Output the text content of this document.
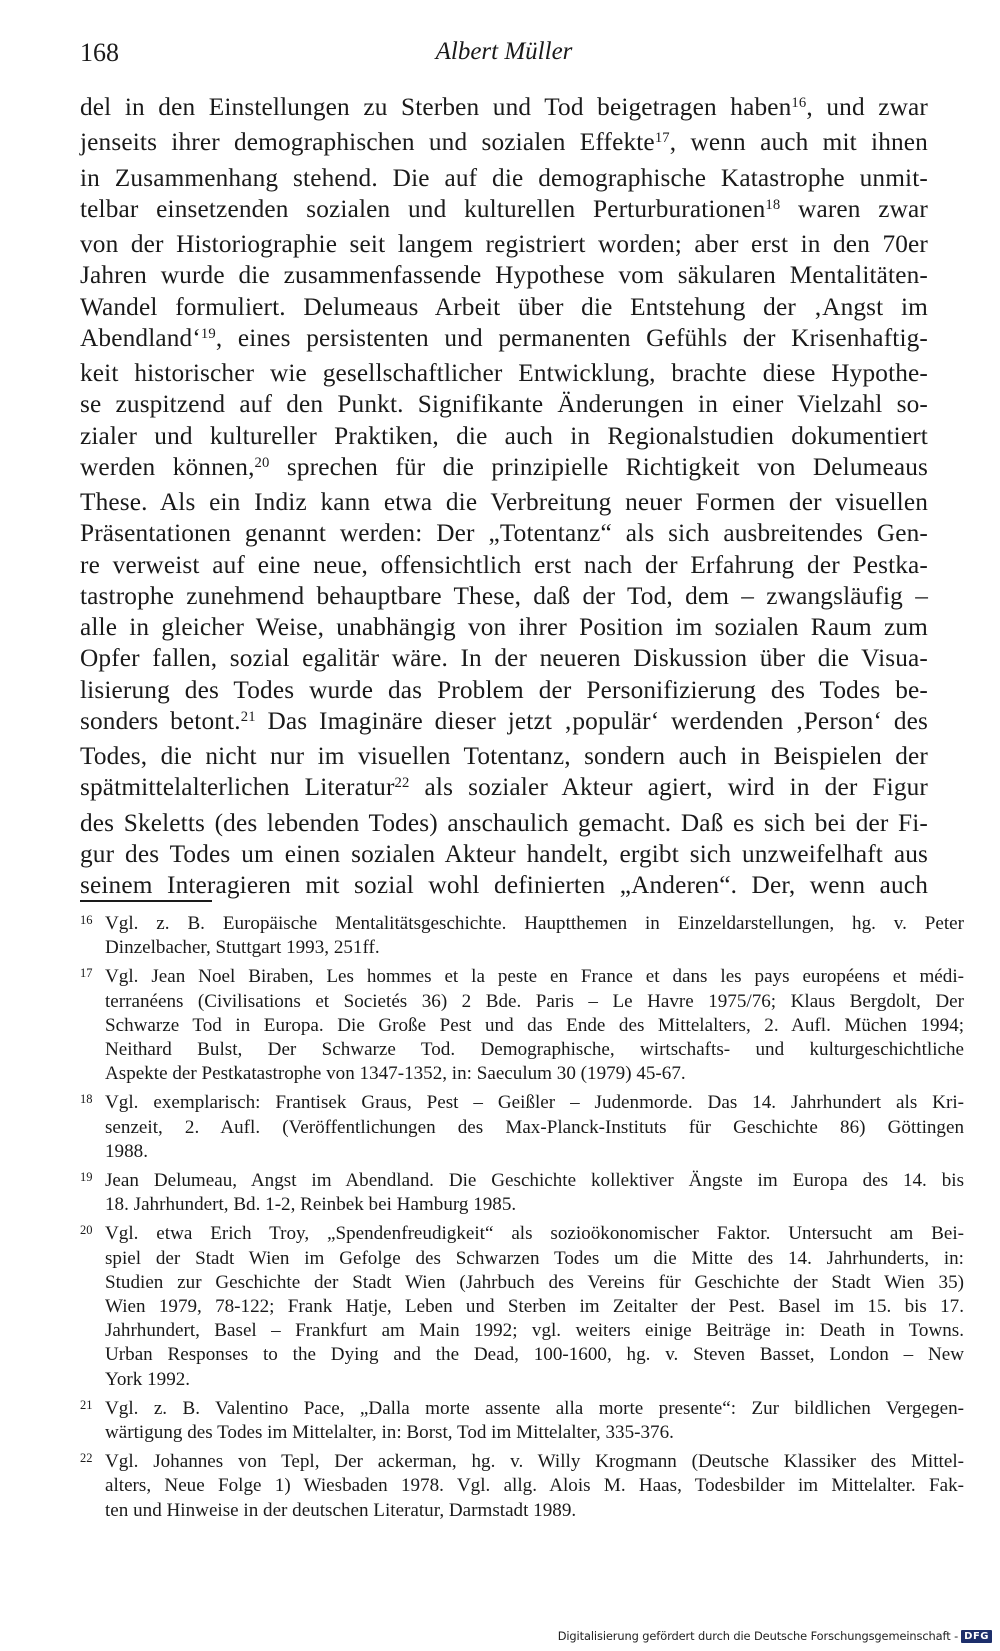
168	Albert Müller
del in den Einstellungen zu Sterben und Tod beigetragen haben$^{16}$, und zwar
jenseits ihrer demographischen und sozialen Effekte$^{17}$, wenn auch mit ihnen
in Zusammenhang stehend. Die auf die demographische Katastrophe unmit-
telbar einsetzenden sozialen und kulturellen Perturburationen$^{18}$ waren zwar
von der Historiographie seit langem registriert worden; aber erst in den 70er
Jahren wurde die zusammenfassende Hypothese vom säkularen Mentalitäten-
Wandel formuliert. Delumeaus Arbeit über die Entstehung der ‚Angst im
Abendland‘$^{19}$, eines persistenten und permanenten Gefühls der Krisenhaftig-
keit historischer wie gesellschaftlicher Entwicklung, brachte diese Hypothe-
se zuspitzend auf den Punkt. Signifikante Änderungen in einer Vielzahl so-
zialer und kultureller Praktiken, die auch in Regionalstudien dokumentiert
werden können,$^{20}$ sprechen für die prinzipielle Richtigkeit von Delumeaus
These. Als ein Indiz kann etwa die Verbreitung neuer Formen der visuellen
Präsentationen genannt werden: Der „Totentanz“ als sich ausbreitendes Gen-
re verweist auf eine neue, offensichtlich erst nach der Erfahrung der Pestka-
tastrophe zunehmend behauptbare These, daß der Tod, dem – zwangsläufig –
alle in gleicher Weise, unabhängig von ihrer Position im sozialen Raum zum
Opfer fallen, sozial egalitär wäre. In der neueren Diskussion über die Visua-
lisierung des Todes wurde das Problem der Personifizierung des Todes be-
sonders betont.$^{21}$ Das Imaginäre dieser jetzt ‚populär‘ werdenden ‚Person‘ des
Todes, die nicht nur im visuellen Totentanz, sondern auch in Beispielen der
spätmittelalterlichen Literatur$^{22}$ als sozialer Akteur agiert, wird in der Figur
des Skeletts (des lebenden Todes) anschaulich gemacht. Daß es sich bei der Fi-
gur des Todes um einen sozialen Akteur handelt, ergibt sich unzweifelhaft aus
seinem Interagieren mit sozial wohl definierten „Anderen“. Der, wenn auch
16 Vgl. z. B. Europäische Mentalitätsgeschichte. Hauptthemen in Einzeldarstellungen, hg. v. Peter
Dinzelbacher, Stuttgart 1993, 251ff.
17 Vgl. Jean Noel Biraben, Les hommes et la peste en France et dans les pays européens et médi-
terranéens (Civilisations et Societés 36) 2 Bde. Paris – Le Havre 1975/76; Klaus Bergdolt, Der
Schwarze Tod in Europa. Die Große Pest und das Ende des Mittelalters, 2. Aufl. Müchen 1994;
Neithard Bulst, Der Schwarze Tod. Demographische, wirtschafts- und kulturgeschichtliche
Aspekte der Pestkatastrophe von 1347-1352, in: Saeculum 30 (1979) 45-67.
18 Vgl. exemplarisch: Frantisek Graus, Pest – Geißler – Judenmorde. Das 14. Jahrhundert als Kri-
senzeit, 2. Aufl. (Veröffentlichungen des Max-Planck-Instituts für Geschichte 86) Göttingen
1988.
19 Jean Delumeau, Angst im Abendland. Die Geschichte kollektiver Ängste im Europa des 14. bis
18. Jahrhundert, Bd. 1-2, Reinbek bei Hamburg 1985.
20 Vgl. etwa Erich Troy, „Spendenfreudigkeit“ als sozioökonomischer Faktor. Untersucht am Bei-
spiel der Stadt Wien im Gefolge des Schwarzen Todes um die Mitte des 14. Jahrhunderts, in:
Studien zur Geschichte der Stadt Wien (Jahrbuch des Vereins für Geschichte der Stadt Wien 35)
Wien 1979, 78-122; Frank Hatje, Leben und Sterben im Zeitalter der Pest. Basel im 15. bis 17.
Jahrhundert, Basel – Frankfurt am Main 1992; vgl. weiters einige Beiträge in: Death in Towns.
Urban Responses to the Dying and the Dead, 100-1600, hg. v. Steven Basset, London – New
York 1992.
21 Vgl. z. B. Valentino Pace, „Dalla morte assente alla morte presente“: Zur bildlichen Vergegen-
wärtigung des Todes im Mittelalter, in: Borst, Tod im Mittelalter, 335-376.
22 Vgl. Johannes von Tepl, Der ackerman, hg. v. Willy Krogmann (Deutsche Klassiker des Mittel-
alters, Neue Folge 1) Wiesbaden 1978. Vgl. allg. Alois M. Haas, Todesbilder im Mittelalter. Fak-
ten und Hinweise in der deutschen Literatur, Darmstadt 1989.
Digitalisierung gefördert durch die Deutsche Forschungsgemeinschaft - DFG
